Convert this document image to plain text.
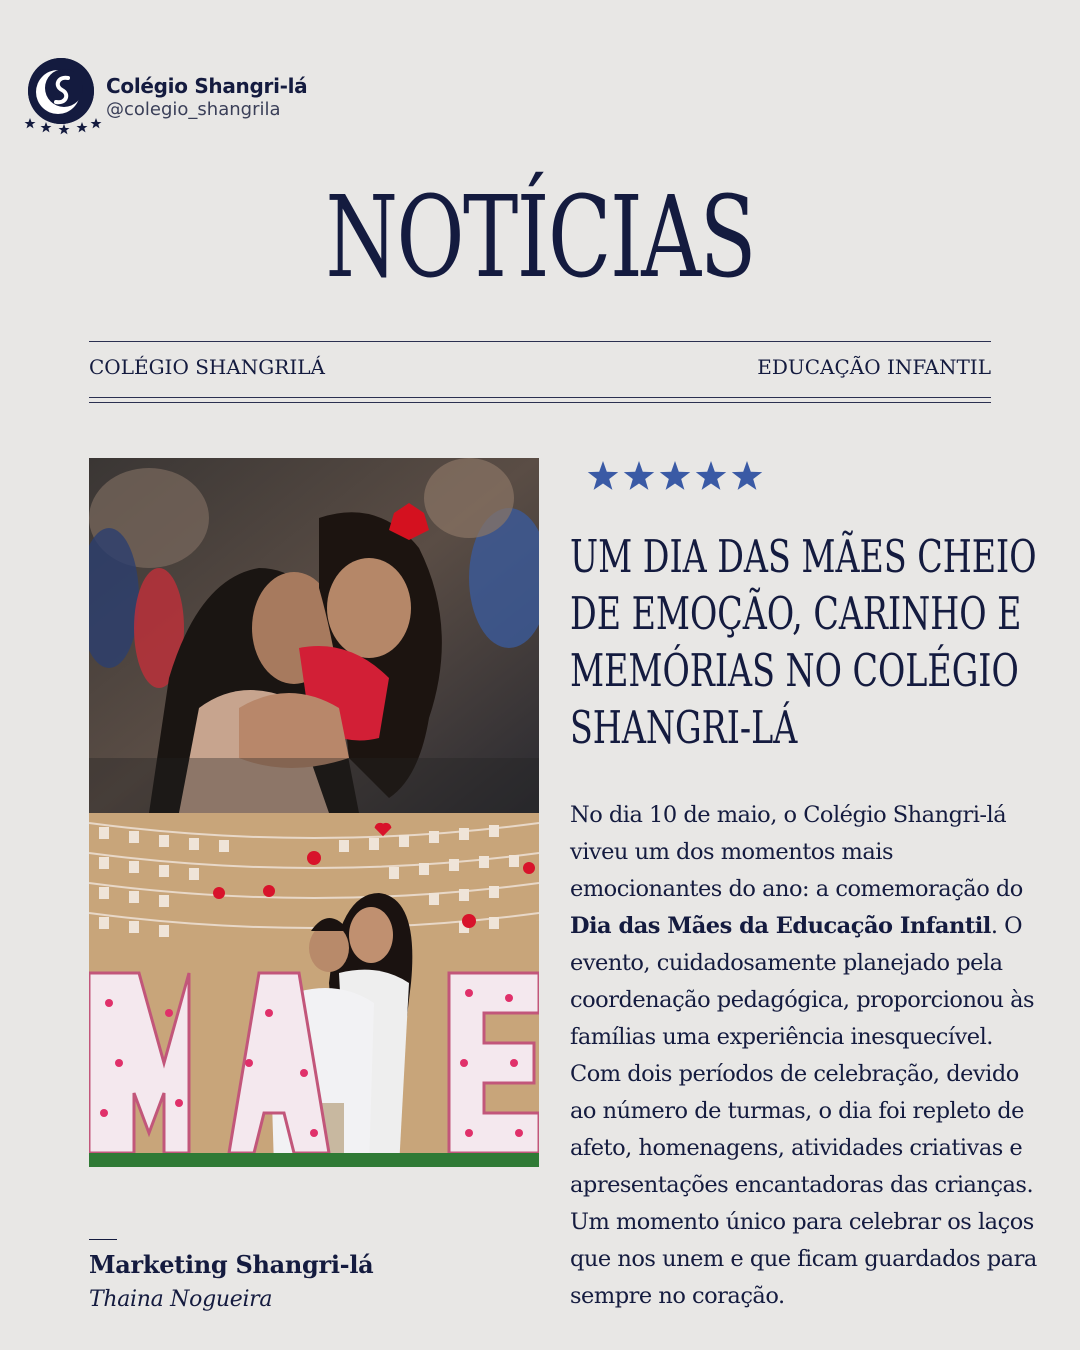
Colégio Shangri-lá
@colegio_shangrila
NOTÍCIAS
COLÉGIO SHANGRILÁ	EDUCAÇÃO INFANTIL
UM DIA DAS MÃES CHEIO
DE EMOÇÃO, CARINHO E
MEMÓRIAS NO COLÉGIO
SHANGRI-LÁ
No dia 10 de maio, o Colégio Shangri-lá
viveu um dos momentos mais
emocionantes do ano: a comemoração do
Dia das Mães da Educação Infantil. O
evento, cuidadosamente planejado pela
coordenação pedagógica, proporcionou às
famílias uma experiência inesquecível.
Com dois períodos de celebração, devido
ao número de turmas, o dia foi repleto de
afeto, homenagens, atividades criativas e
apresentações encantadoras das crianças.
Um momento único para celebrar os laços
que nos unem e que ficam guardados para
sempre no coração.
Marketing Shangri-lá
Thaina Nogueira
